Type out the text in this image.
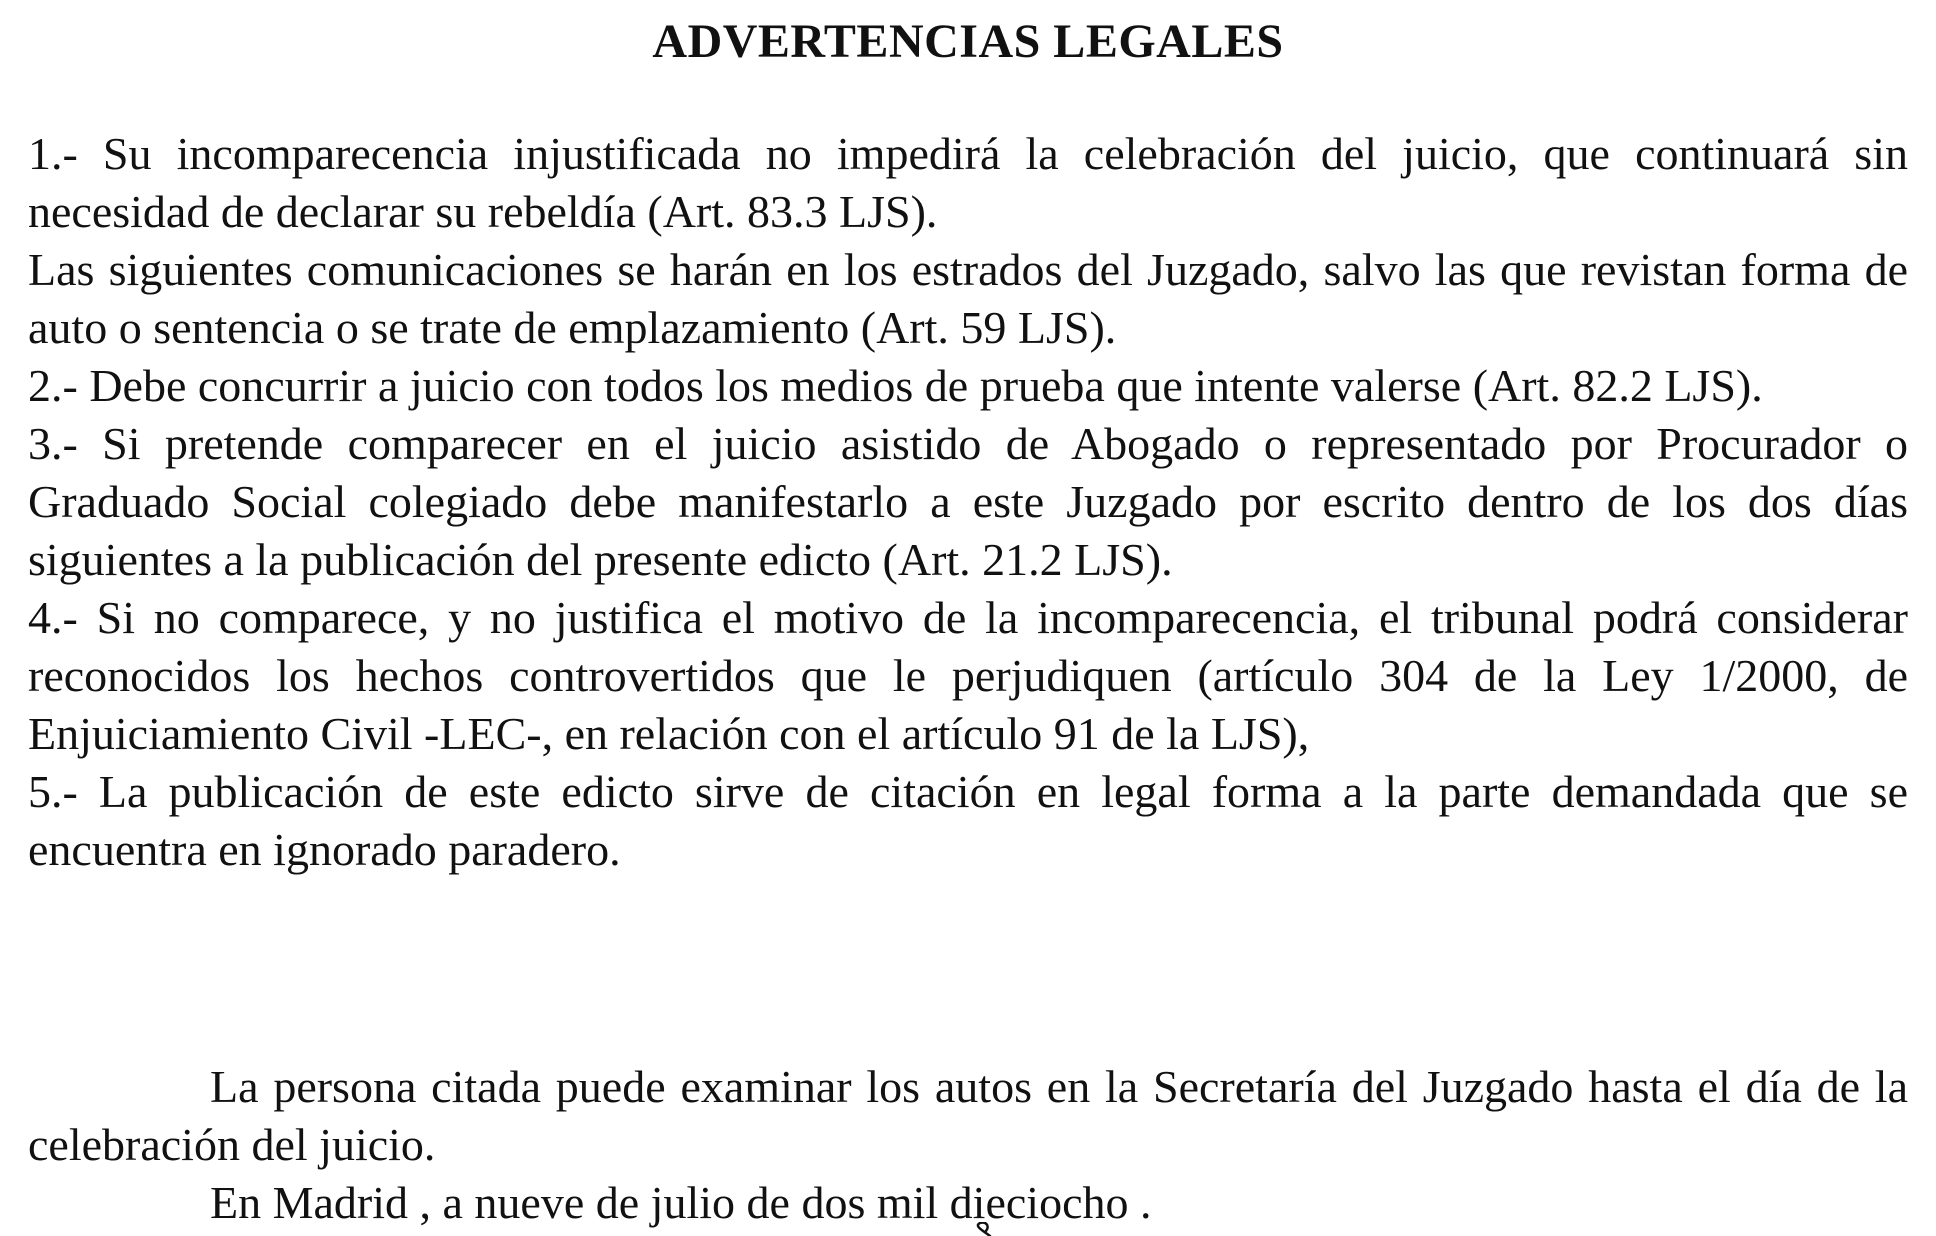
ADVERTENCIAS LEGALES

1.- Su incomparecencia injustificada no impedirá la celebración del juicio, que continuará sin necesidad de declarar su rebeldía (Art. 83.3 LJS).

Las siguientes comunicaciones se harán en los estrados del Juzgado, salvo las que revistan forma de auto o sentencia o se trate de emplazamiento (Art. 59 LJS).

2.- Debe concurrir a juicio con todos los medios de prueba que intente valerse (Art. 82.2 LJS).

3.- Si pretende comparecer en el juicio asistido de Abogado o representado por Procurador o Graduado Social colegiado debe manifestarlo a este Juzgado por escrito dentro de los dos días siguientes a la publicación del presente edicto (Art. 21.2 LJS).

4.- Si no comparece, y no justifica el motivo de la incomparecencia, el tribunal podrá considerar reconocidos los hechos controvertidos que le perjudiquen (artículo 304 de la Ley 1/2000, de Enjuiciamiento Civil -LEC-, en relación con el artículo 91 de la LJS),

5.- La publicación de este edicto sirve de citación en legal forma a la parte demandada que se encuentra en ignorado paradero.

La persona citada puede examinar los autos en la Secretaría del Juzgado hasta el día de la celebración del juicio.

En Madrid , a nueve de julio de dos mil dieciocho .
